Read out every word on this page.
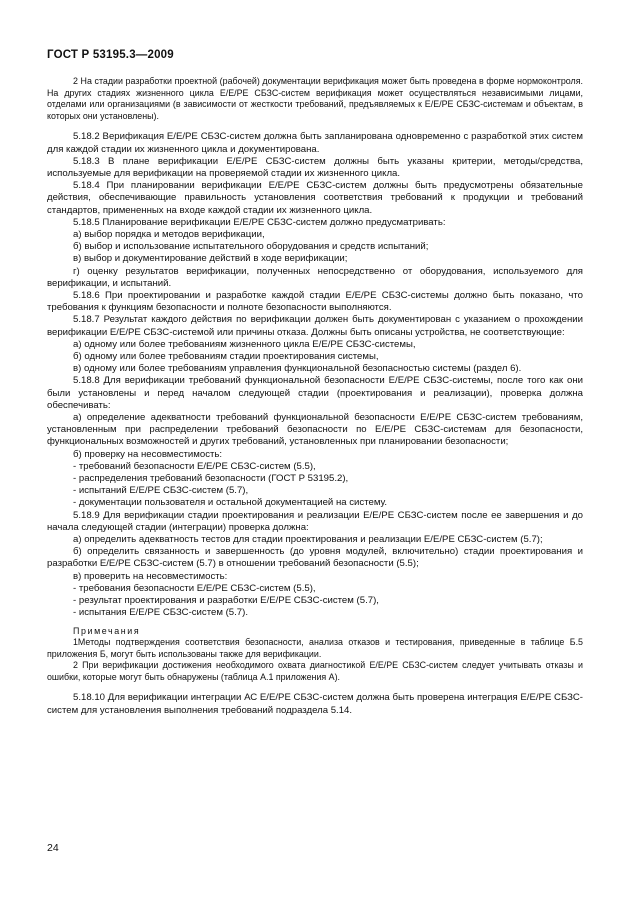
ГОСТ Р 53195.3—2009

2 На стадии разработки проектной (рабочей) документации верификация может быть проведена в форме нормоконтроля. На других стадиях жизненного цикла Е/Е/РЕ СБЗС-систем верификация может осуществляться независимыми лицами, отделами или организациями (в зависимости от жесткости требований, предъявляемых к Е/Е/РЕ СБЗС-системам и объектам, в которых они установлены).

5.18.2 Верификация Е/Е/РЕ СБЗС-систем должна быть запланирована одновременно с разработкой этих систем для каждой стадии их жизненного цикла и документирована.

5.18.3 В плане верификации Е/Е/РЕ СБЗС-систем должны быть указаны критерии, методы/средства, используемые для верификации на проверяемой стадии их жизненного цикла.

5.18.4 При планировании верификации Е/Е/РЕ СБЗС-систем должны быть предусмотрены обязательные действия, обеспечивающие правильность установления соответствия требований к продукции и требований стандартов, примененных на входе каждой стадии их жизненного цикла.

5.18.5 Планирование верификации Е/Е/РЕ СБЗС-систем должно предусматривать:

а) выбор порядка и методов верификации,

б) выбор и использование испытательного оборудования и средств испытаний;

в) выбор и документирование действий в ходе верификации;

г) оценку результатов верификации, полученных непосредственно от оборудования, используемого для верификации, и испытаний.

5.18.6 При проектировании и разработке каждой стадии Е/Е/РЕ СБЗС-системы должно быть показано, что требования к функциям безопасности и полноте безопасности выполняются.

5.18.7 Результат каждого действия по верификации должен быть документирован с указанием о прохождении верификации Е/Е/РЕ СБЗС-системой или причины отказа. Должны быть описаны устройства, не соответствующие:

а) одному или более требованиям жизненного цикла Е/Е/РЕ СБЗС-системы,

б) одному или более требованиям стадии проектирования системы,

в) одному или более требованиям управления функциональной безопасностью системы (раздел 6).

5.18.8 Для верификации требований функциональной безопасности Е/Е/РЕ СБЗС-системы, после того как они были установлены и перед началом следующей стадии (проектирования и реализации), проверка должна обеспечивать:

а) определение адекватности требований функциональной безопасности Е/Е/РЕ СБЗС-систем требованиям, установленным при распределении требований безопасности по Е/Е/РЕ СБЗС-системам для безопасности, функциональных возможностей и других требований, установленных при планировании безопасности;

б) проверку на несовместимость:

- требований безопасности Е/Е/РЕ СБЗС-систем (5.5),

- распределения требований безопасности (ГОСТ Р 53195.2),

- испытаний Е/Е/РЕ СБЗС-систем (5.7),

- документации пользователя и остальной документацией на систему.

5.18.9 Для верификации стадии проектирования и реализации Е/Е/РЕ СБЗС-систем после ее завершения и до начала следующей стадии (интеграции) проверка должна:

а) определить адекватность тестов для стадии проектирования и реализации Е/Е/РЕ СБЗС-систем (5.7);

б) определить связанность и завершенность (до уровня модулей, включительно) стадии проектирования и разработки Е/Е/РЕ СБЗС-систем (5.7) в отношении требований безопасности (5.5);

в) проверить на несовместимость:

- требования безопасности Е/Е/РЕ СБЗС-систем (5.5),

- результат проектирования и разработки Е/Е/РЕ СБЗС-систем (5.7),

- испытания Е/Е/РЕ СБЗС-систем (5.7).

Примечания

1Методы подтверждения соответствия безопасности, анализа отказов и тестирования, приведенные в таблице Б.5 приложения Б, могут быть использованы также для верификации.

2 При верификации достижения необходимого охвата диагностикой Е/Е/РЕ СБЗС-систем следует учитывать отказы и ошибки, которые могут быть обнаружены (таблица А.1 приложения А).

5.18.10 Для верификации интеграции АС Е/Е/РЕ СБЗС-систем должна быть проверена интеграция Е/Е/РЕ СБЗС-систем для установления выполнения требований подраздела 5.14.

24
